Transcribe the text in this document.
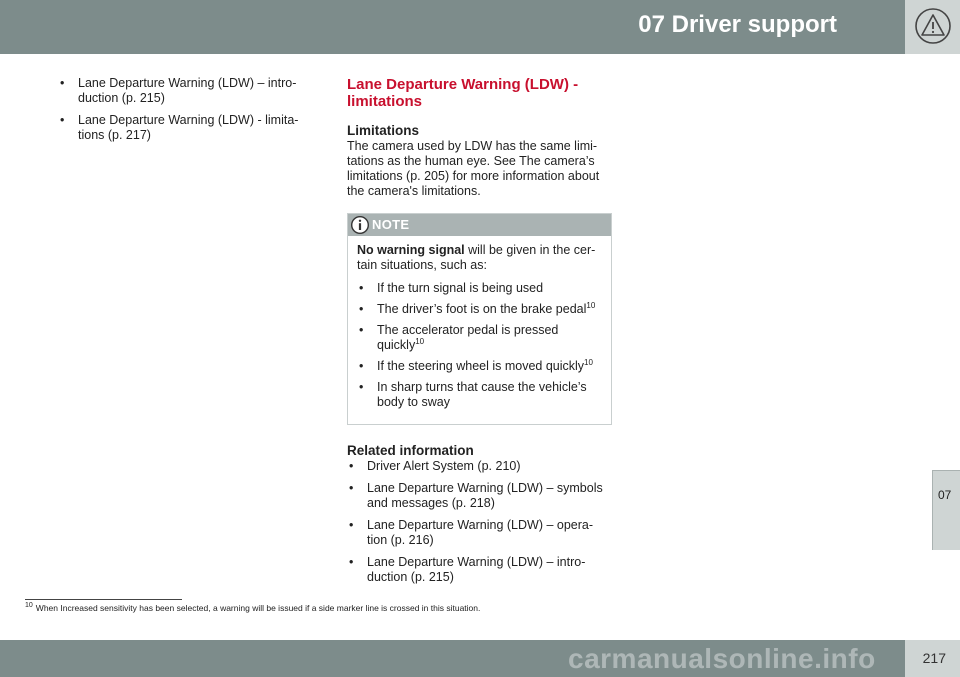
07 Driver support
07
• Lane Departure Warning (LDW) – intro- duction (p. 215)
• Lane Departure Warning (LDW) - limita- tions (p. 217)
Lane Departure Warning (LDW) - limitations
Limitations

The camera used by LDW has the same limi- tations as the human eye. See The camera’s limitations (p. 205) for more information about the camera's limitations.

NOTE

No warning signal will be given in the cer- tain situations, such as:

• If the turn signal is being used
• The driver’s foot is on the brake pedal$^{10}$
• The accelerator pedal is pressed quickly$^{10}$
• If the steering wheel is moved quickly$^{10}$
• In sharp turns that cause the vehicle’s body to sway
Related information
• Driver Alert System (p. 210)
• Lane Departure Warning (LDW) – symbols and messages (p. 218)
• Lane Departure Warning (LDW) – opera- tion (p. 216)
• Lane Departure Warning (LDW) – intro- duction (p. 215)
$^{10}$ When Increased sensitivity has been selected, a warning will be issued if a side marker line is crossed in this situation.
carmanualsonline.info	217
